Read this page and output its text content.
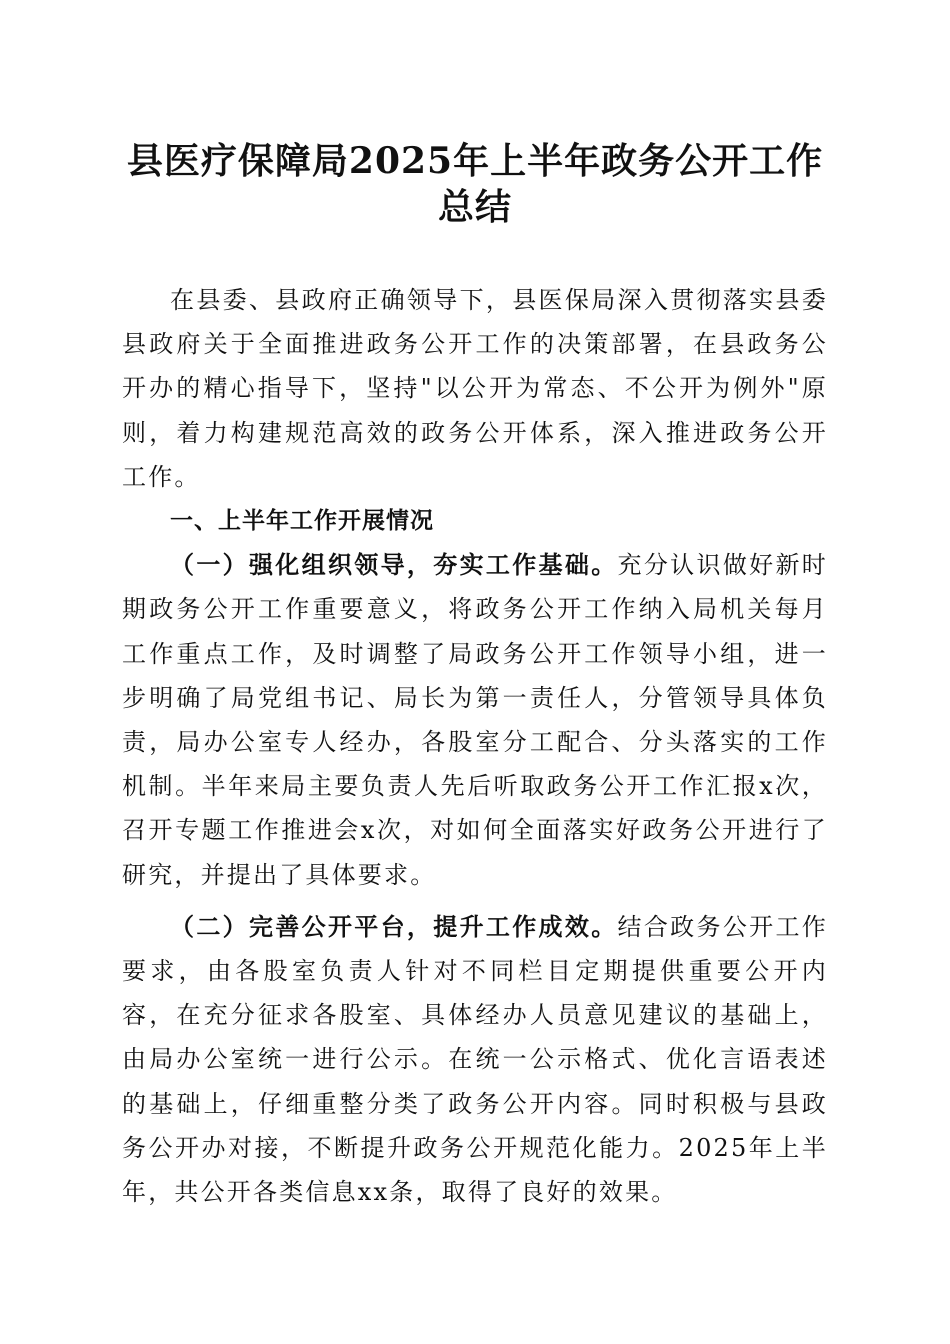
县医疗保障局2025年上半年政务公开工作总结

在县委、县政府正确领导下，县医保局深入贯彻落实县委县政府关于全面推进政务公开工作的决策部署，在县政务公开办的精心指导下，坚持"以公开为常态、不公开为例外"原则，着力构建规范高效的政务公开体系，深入推进政务公开工作。

一、上半年工作开展情况

（一）强化组织领导，夯实工作基础。充分认识做好新时期政务公开工作重要意义，将政务公开工作纳入局机关每月工作重点工作，及时调整了局政务公开工作领导小组，进一步明确了局党组书记、局长为第一责任人，分管领导具体负责，局办公室专人经办，各股室分工配合、分头落实的工作机制。半年来局主要负责人先后听取政务公开工作汇报x次，召开专题工作推进会x次，对如何全面落实好政务公开进行了研究，并提出了具体要求。

（二）完善公开平台，提升工作成效。结合政务公开工作要求，由各股室负责人针对不同栏目定期提供重要公开内容，在充分征求各股室、具体经办人员意见建议的基础上，由局办公室统一进行公示。在统一公示格式、优化言语表述的基础上，仔细重整分类了政务公开内容。同时积极与县政务公开办对接，不断提升政务公开规范化能力。2025年上半年，共公开各类信息xx条，取得了良好的效果。
